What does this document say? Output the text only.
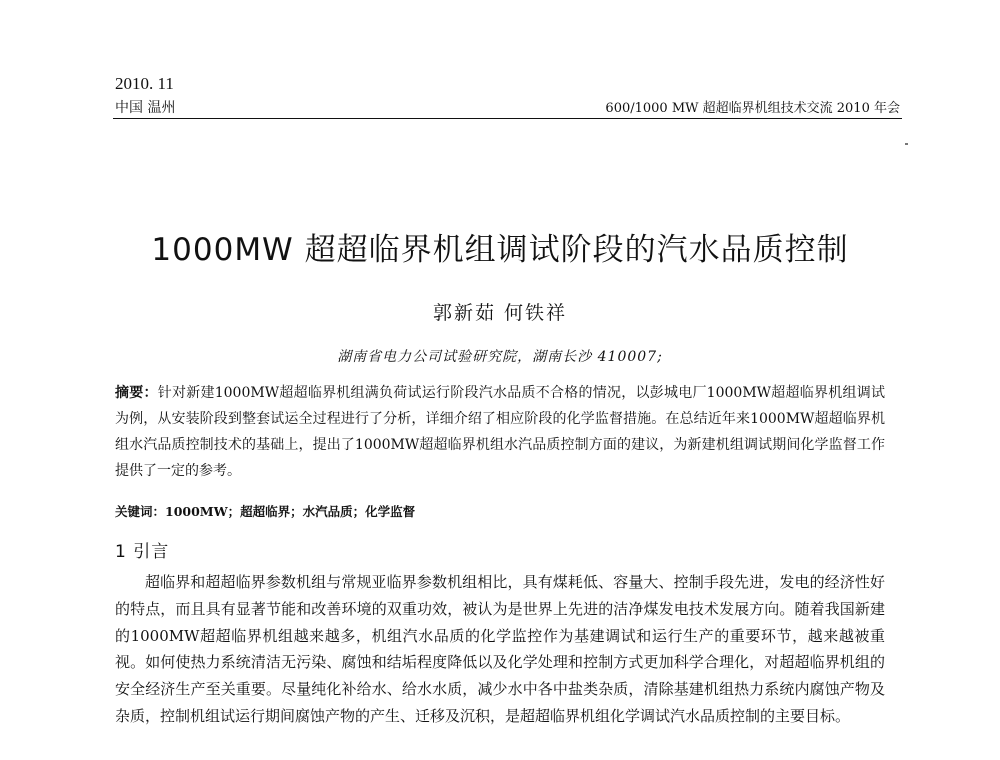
2010. 11
中国 温州	600/1000 MW 超超临界机组技术交流 2010 年会
1000MW 超超临界机组调试阶段的汽水品质控制
郭新茹 何铁祥
湖南省电力公司试验研究院，湖南长沙 410007;
摘要：针对新建1000MW超超临界机组满负荷试运行阶段汽水品质不合格的情况，以彭城电厂1000MW超超临界机组调试为例，从安装阶段到整套试运全过程进行了分析，详细介绍了相应阶段的化学监督措施。在总结近年来1000MW超超临界机组水汽品质控制技术的基础上，提出了1000MW超超临界机组水汽品质控制方面的建议，为新建机组调试期间化学监督工作提供了一定的参考。
关键词：1000MW；超超临界；水汽品质；化学监督
1 引言
超临界和超超临界参数机组与常规亚临界参数机组相比，具有煤耗低、容量大、控制手段先进，发电的经济性好的特点，而且具有显著节能和改善环境的双重功效，被认为是世界上先进的洁净煤发电技术发展方向。随着我国新建的1000MW超超临界机组越来越多，机组汽水品质的化学监控作为基建调试和运行生产的重要环节，越来越被重视。如何使热力系统清洁无污染、腐蚀和结垢程度降低以及化学处理和控制方式更加科学合理化，对超超临界机组的安全经济生产至关重要。尽量纯化补给水、给水水质，减少水中各中盐类杂质，清除基建机组热力系统内腐蚀产物及杂质，控制机组试运行期间腐蚀产物的产生、迁移及沉积，是超超临界机组化学调试汽水品质控制的主要目标。
